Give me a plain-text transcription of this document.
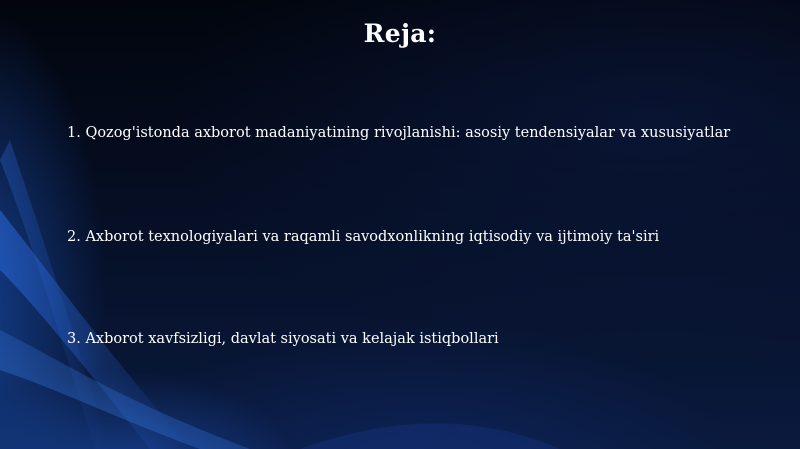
Reja:
1. Qozog'istonda axborot madaniyatining rivojlanishi: asosiy tendensiyalar va xususiyatlar
2. Axborot texnologiyalari va raqamli savodxonlikning iqtisodiy va ijtimoiy ta'siri
3. Axborot xavfsizligi, davlat siyosati va kelajak istiqbollari
